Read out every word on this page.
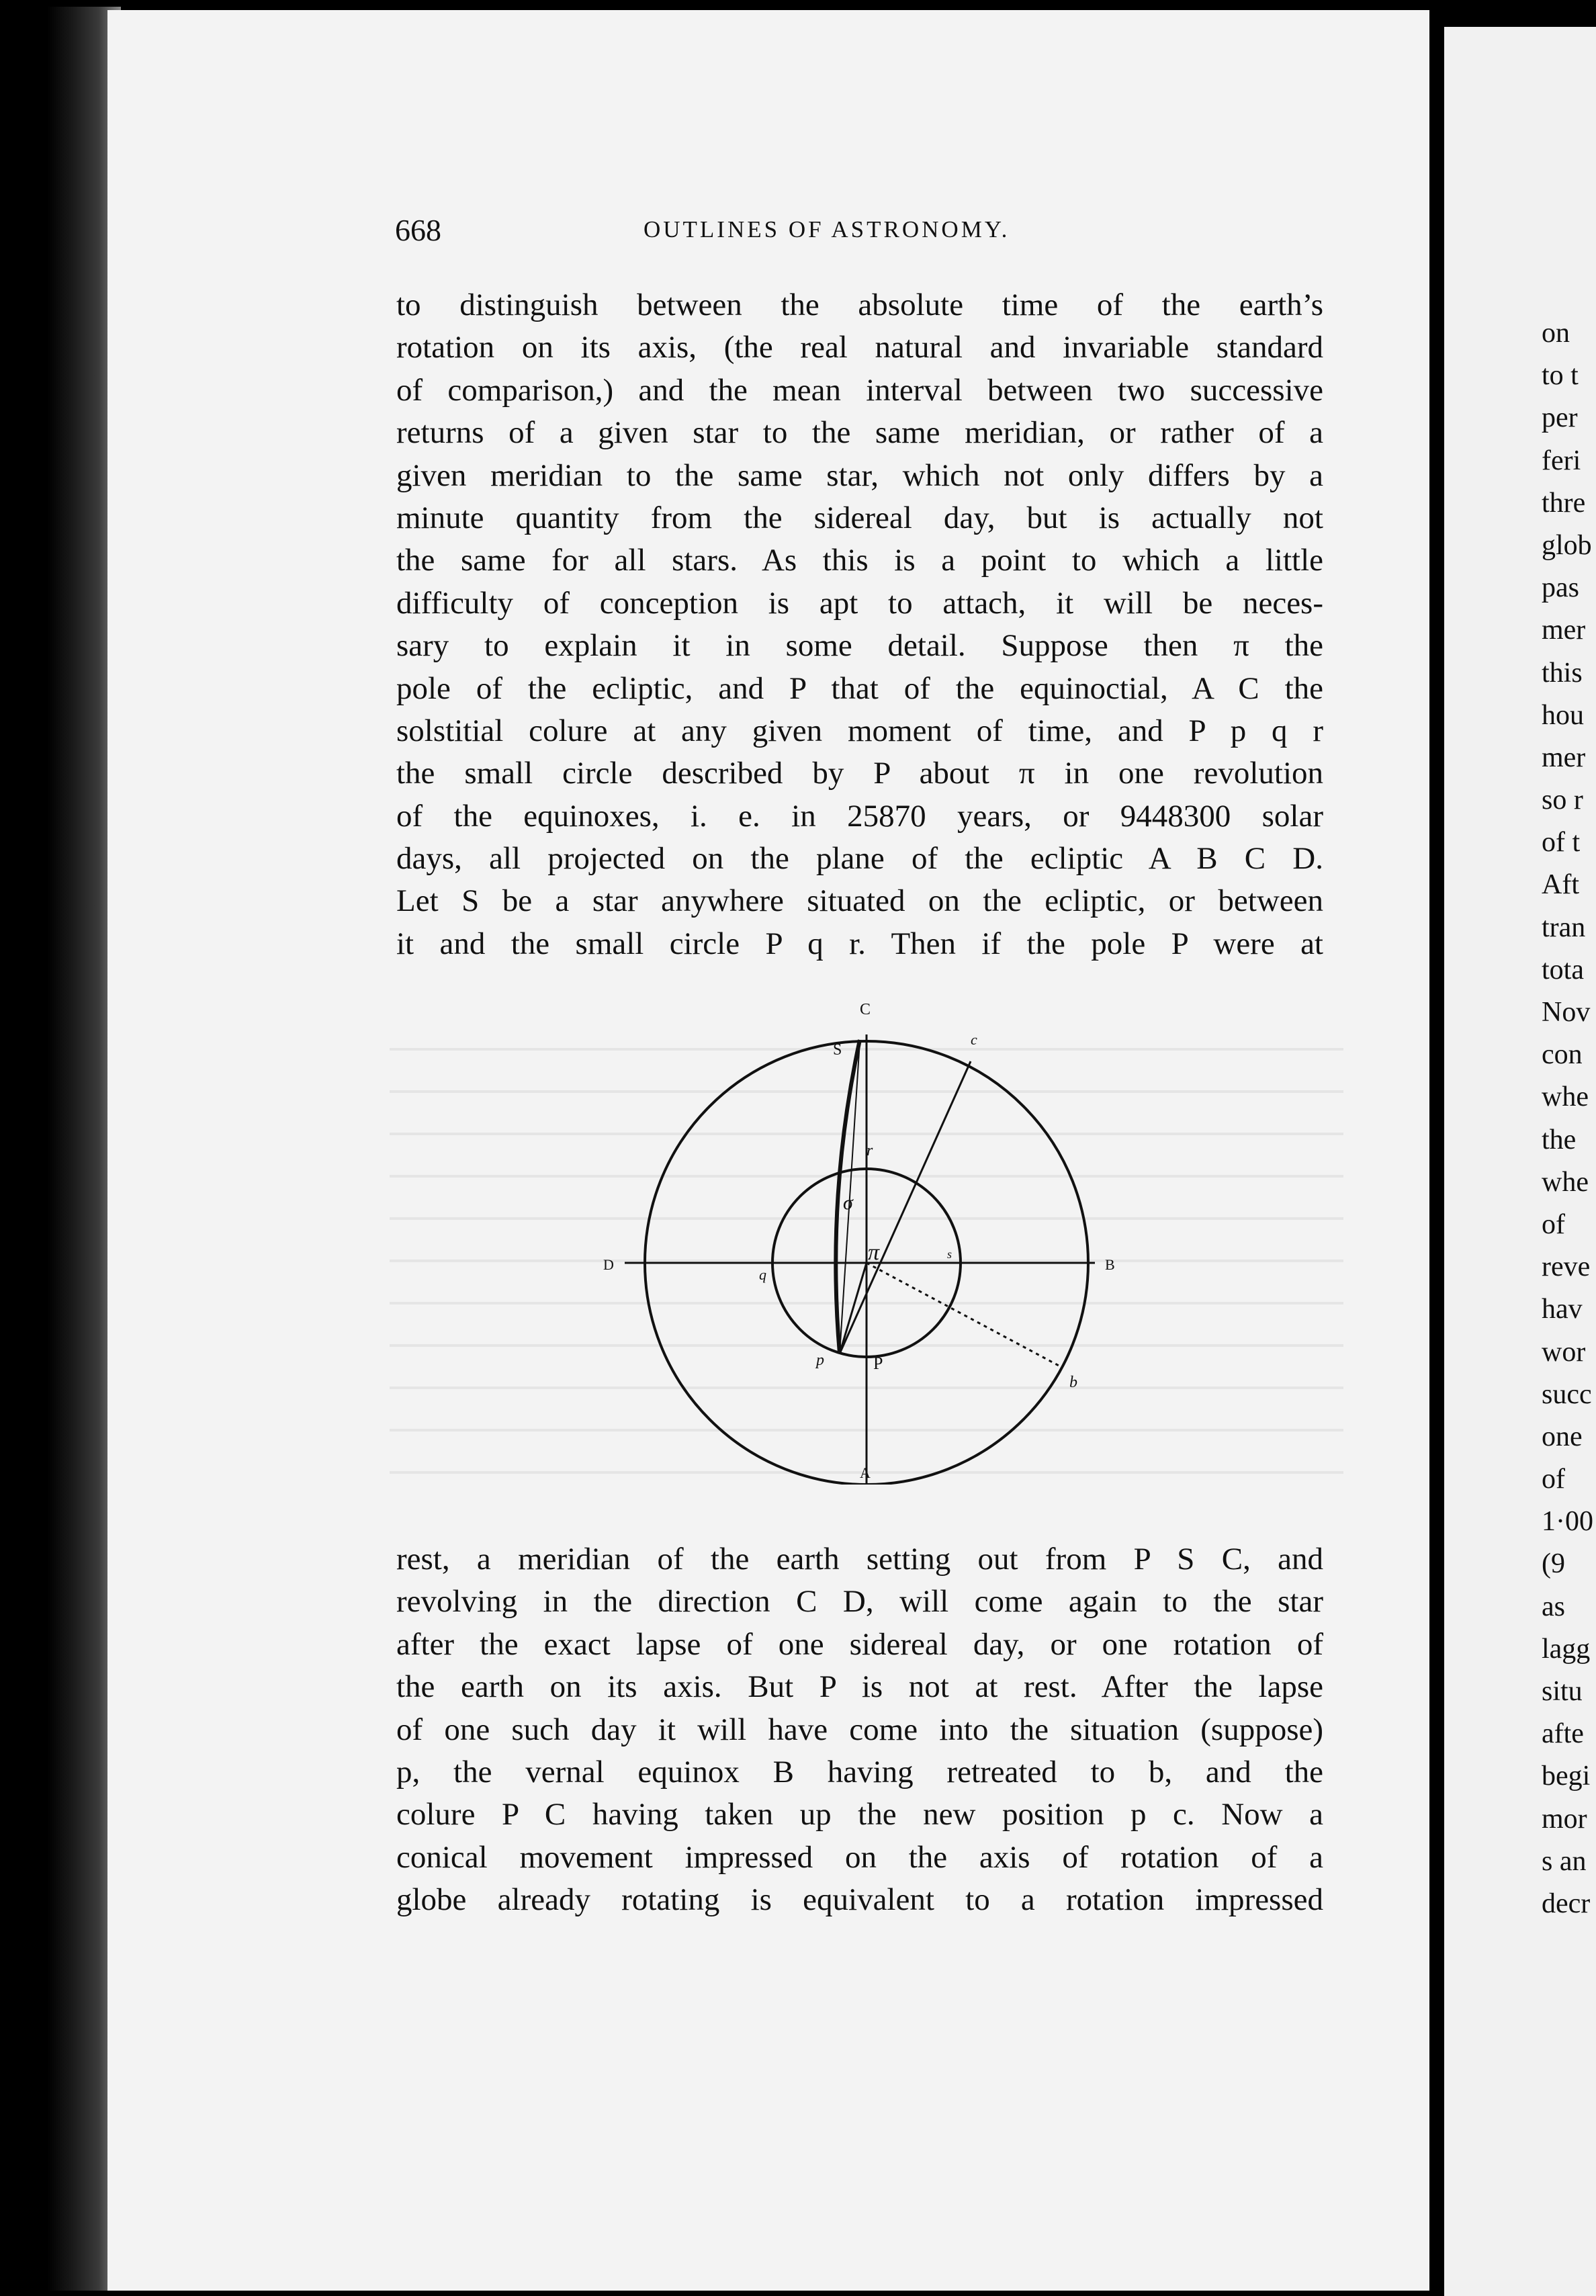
on
to t
per
feri
thre
glob
pas
mer
this
hou
mer
so r
of t
Aft
tran
tota
Nov
con
whe
the
whe
of
reve
hav
wor
succ
one
of
1·00
(9
as
lagg
situ
afte
begi
mor
s an
decr
668	OUTLINES OF ASTRONOMY.
to distinguish between the absolute time of the earth’s
rotation on its axis, (the real natural and invariable standard
of comparison,) and the mean interval between two successive
returns of a given star to the same meridian, or rather of a
given meridian to the same star, which not only differs by a
minute quantity from the sidereal day, but is actually not
the same for all stars. As this is a point to which a little
difficulty of conception is apt to attach, it will be neces-
sary to explain it in some detail. Suppose then π the
pole of the ecliptic, and P that of the equinoctial, A C the
solstitial colure at any given moment of time, and P p q r
the small circle described by P about π in one revolution
of the equinoxes, i. e. in 25870 years, or 9448300 solar
days, all projected on the plane of the ecliptic A B C D.
Let S be a star anywhere situated on the ecliptic, or between
it and the small circle P q r. Then if the pole P were at
C
c
S
r
σ
π	s
D	B
q
p	P
b
A
rest, a meridian of the earth setting out from P S C, and
revolving in the direction C D, will come again to the star
after the exact lapse of one sidereal day, or one rotation of
the earth on its axis. But P is not at rest. After the lapse
of one such day it will have come into the situation (suppose)
p, the vernal equinox B having retreated to b, and the
colure P C having taken up the new position p c. Now a
conical movement impressed on the axis of rotation of a
globe already rotating is equivalent to a rotation impressed
